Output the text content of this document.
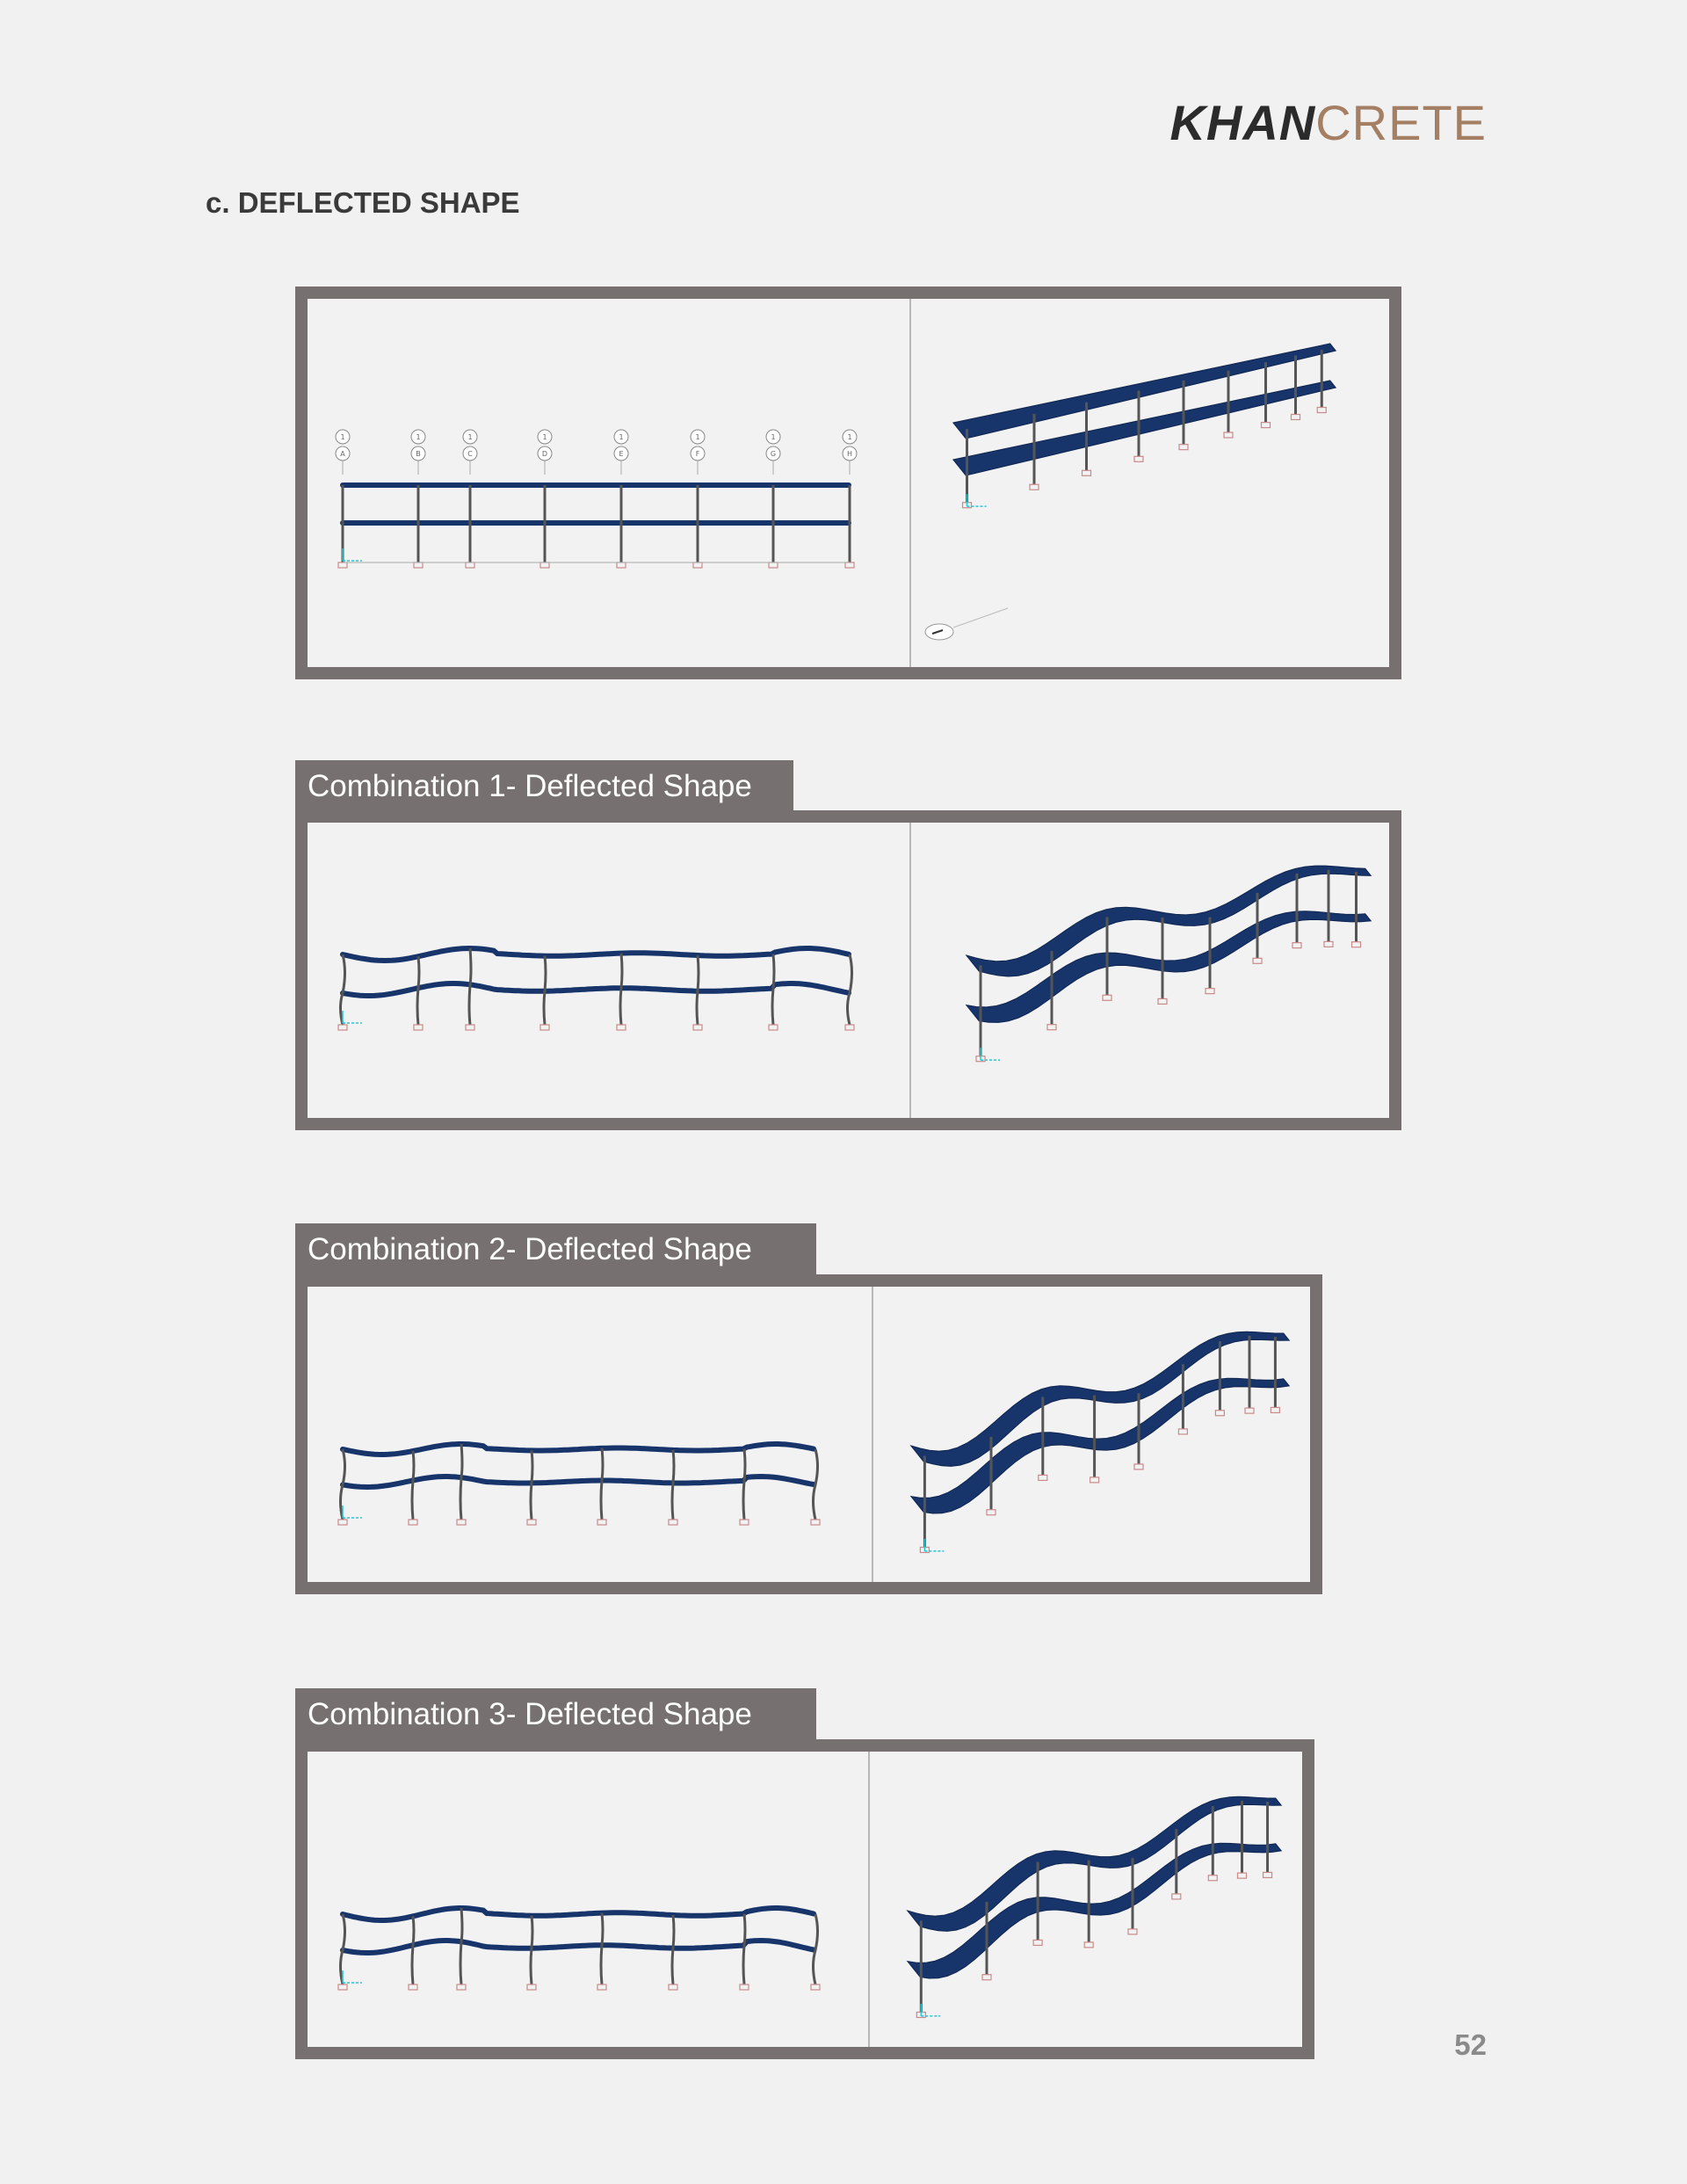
KHANCRETE
c. DEFLECTED SHAPE
1
A
1
B
1
C
1
D
1
E
1
F
1
G
1
H
Combination 1- Deflected Shape
Combination 2- Deflected Shape
Combination 3- Deflected Shape
52
